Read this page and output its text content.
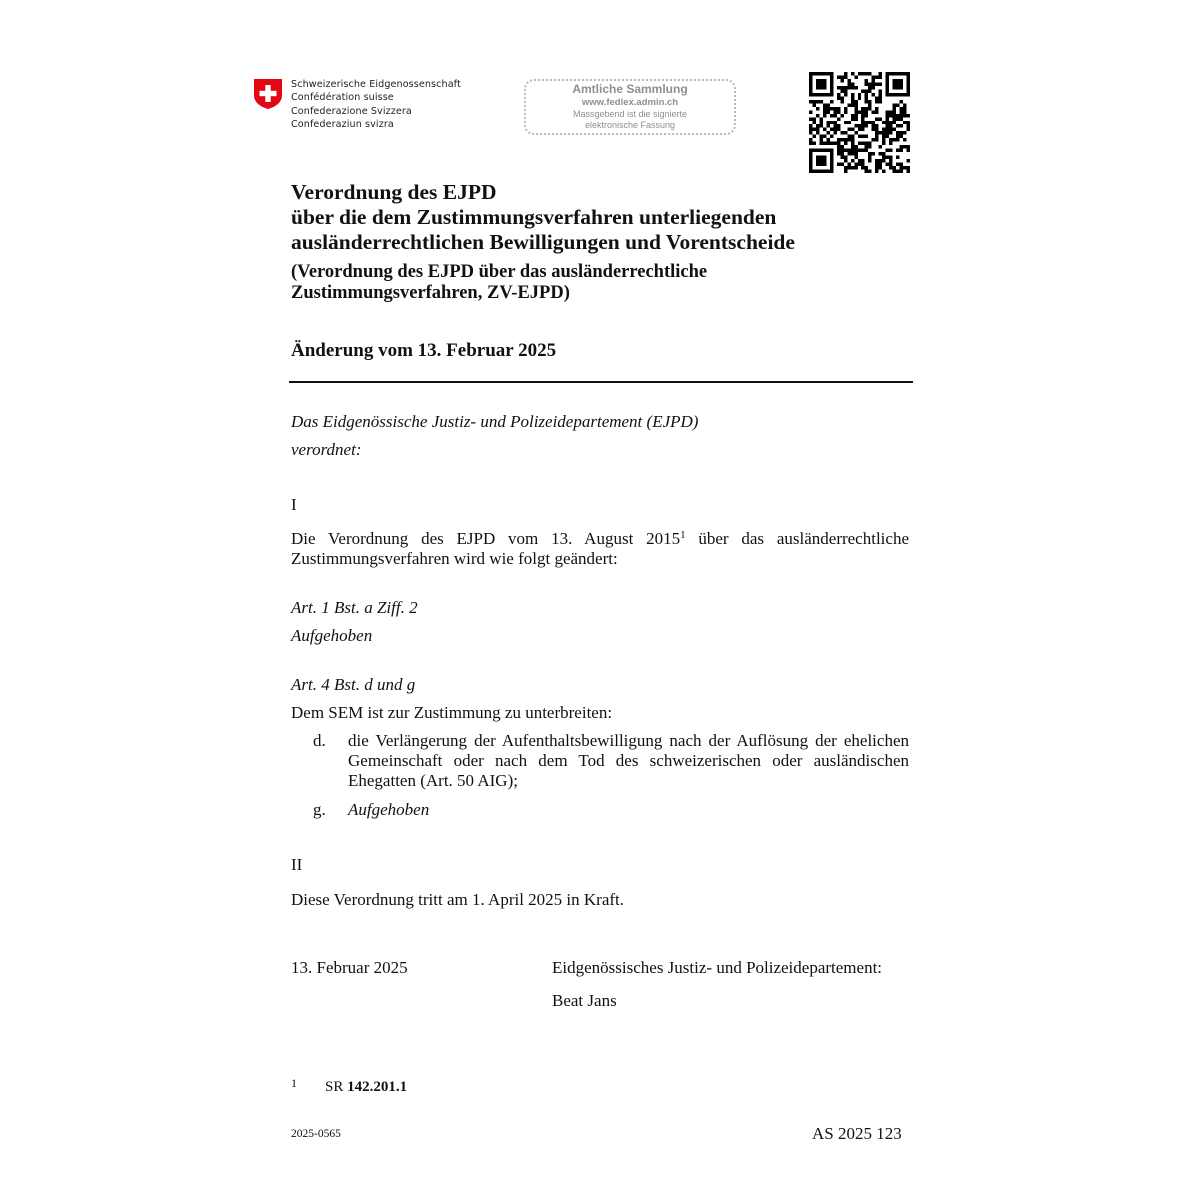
Schweizerische Eidgenossenschaft
Confédération suisse
Confederazione Svizzera
Confederaziun svizra
Amtliche Sammlung
www.fedlex.admin.ch
Massgebend ist die signierte
elektronische Fassung
Verordnung des EJPD
über die dem Zustimmungsverfahren unterliegenden
ausländerrechtlichen Bewilligungen und Vorentscheide
(Verordnung des EJPD über das ausländerrechtliche
Zustimmungsverfahren, ZV-EJPD)
Änderung vom 13. Februar 2025
Das Eidgenössische Justiz- und Polizeidepartement (EJPD)
verordnet:
I
Die Verordnung des EJPD vom 13. August 2015$^1$ über das ausländerrechtliche Zustimmungsverfahren wird wie folgt geändert:
Art. 1 Bst. a Ziff. 2
Aufgehoben
Art. 4 Bst. d und g
Dem SEM ist zur Zustimmung zu unterbreiten:
d. die Verlängerung der Aufenthaltsbewilligung nach der Auflösung der ehelichen Gemeinschaft oder nach dem Tod des schweizerischen oder ausländischen Ehegatten (Art. 50 AIG);
g. Aufgehoben
II
Diese Verordnung tritt am 1. April 2025 in Kraft.
13. Februar 2025	Eidgenössisches Justiz- und Polizeidepartement:
Beat Jans
1 SR 142.201.1
2025-0565	AS 2025 123
